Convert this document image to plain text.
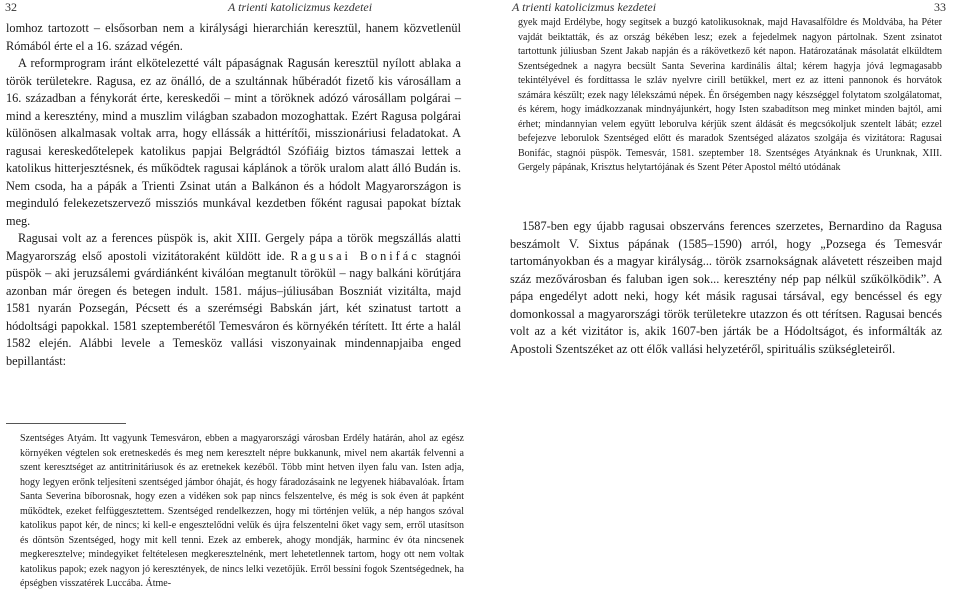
32	A trienti katolicizmus kezdetei

lomhoz tartozott – elsősorban nem a királysági hierarchián keresztül, hanem közvetlenül Rómából érte el a 16. század végén.

A reformprogram iránt elkötelezetté vált pápaságnak Ragusán keresztül nyílott ablaka a török területekre. Ragusa, ez az önálló, de a szultánnak hűbéradót fizető kis városállam a 16. században a fénykorát érte, kereskedői – mint a töröknek adózó városállam polgárai – mind a keresztény, mind a muszlim világban szabadon mozoghattak. Ezért Ragusa polgárai különösen alkalmasak voltak arra, hogy ellássák a hittérítői, misszionáriusi feladatokat. A ragusai kereskedőtelepek katolikus papjai Belgrádtól Szófiáig biztos támaszai lettek a katolikus hitterjesztésnek, és működtek ragusai káplánok a török uralom alatt álló Budán is. Nem csoda, ha a pápák a Trienti Zsinat után a Balkánon és a hódolt Magyarországon is meginduló felekezetszervező missziós munkával kezdetben főként ragusai papokat bíztak meg.

Ragusai volt az a ferences püspök is, akit XIII. Gergely pápa a török megszállás alatti Magyarország első apostoli vizitátoraként küldött ide. Ragusai Bonifác stagnói püspök – aki jeruzsálemi gvárdiánként kiválóan megtanult törökül – nagy balkáni körútjára azonban már öregen és betegen indult. 1581. május–júliusában Boszniát vizitálta, majd 1581 nyarán Pozsegán, Pécsett és a szerémségi Babskán járt, két szinatust tartott a hódoltsági papokkal. 1581 szeptemberétől Temesváron és környékén térített. Itt érte a halál 1582 elején. Alábbi levele a Temesköz vallási viszonyainak mindennapjaiba enged bepillantást:

Szentséges Atyám. Itt vagyunk Temesváron, ebben a magyarországi városban Erdély határán, ahol az egész környéken végtelen sok eretneskedés és meg nem keresztelt népre bukkanunk, mivel nem akarták felvenni a szent keresztséget az antitrinitáriusok és az eretnekek kezéből. Több mint hetven ilyen falu van. Isten adja, hogy legyen erőnk teljesíteni szentséged jámbor óhaját, és hogy fáradozásaink ne legyenek hiábavalóak. Írtam Santa Severina bíborosnak, hogy ezen a vidéken sok pap nincs felszentelve, és még is sok éven át papként működtek, ezeket felfüggesztettem. Szentséged rendelkezzen, hogy mi történjen velük, a nép hangos szóval katolikus papot kér, de nincs; ki kell-e engesztelődni velük és újra felszentelni őket vagy sem, erről utasítson és döntsön Szentséged, hogy mit kell tenni. Ezek az emberek, ahogy mondják, harminc év óta nincsenek megkeresztelve; mindegyiket feltételesen megkeresztelnénk, mert lehetetlennek tartom, hogy ott nem voltak katolikus papok; ezek nagyon jó keresztények, de nincs lelki vezetőjük. Erről bessíni fogok Szentségednek, ha épségben visszatérek Luccába. Átme-

A trienti katolicizmus kezdetei	33

gyek majd Erdélybe, hogy segítsek a buzgó katolikusoknak, majd Havasalföldre és Moldvába, ha Péter vajdát beiktatták, és az ország békében lesz; ezek a fejedelmek nagyon pártolnak. Szent zsinatot tartottunk júliusban Szent Jakab napján és a rákövetkező két napon. Határozatának másolatát elküldtem Szentségednek a nagyra becsült Santa Severina kardinális által; kérem hagyja jóvá legmagasabb tekintélyével és fordíttassa le szláv nyelvre cirill betűkkel, mert ez az itteni pannonok és horvátok számára készült; ezek nagy lélekszámú népek. Én őrségemben nagy készséggel folytatom szolgálatomat, és kérem, hogy imádkozzanak mindnyájunkért, hogy Isten szabadítson meg minket minden bajtól, ami érhet; mindannyian velem együtt leborulva kérjük szent áldását és megcsókoljuk szentelt lábát; ezzel befejezve leborulok Szentséged előtt és maradok Szentséged alázatos szolgája és vizitátora: Ragusai Bonifác, stagnói püspök. Temesvár, 1581. szeptember 18. Szentséges Atyánknak és Urunknak, XIII. Gergely pápának, Krisztus helytartójának és Szent Péter Apostol méltó utódának

1587-ben egy újabb ragusai obszerváns ferences szerzetes, Bernardino da Ragusa beszámolt V. Sixtus pápának (1585–1590) arról, hogy „Pozsega és Temesvár tartományokban és a magyar királyság... török zsarnokságnak alávetett részeiben majd száz mezővárosban és faluban igen sok... keresztény nép pap nélkül szűkölködik”. A pápa engedélyt adott neki, hogy két másik ragusai társával, egy bencéssel és egy domonkossal a magyarországi török területekre utazzon és ott térítsen. Ragusai bencés volt az a két vizitátor is, akik 1607-ben járták be a Hódoltságot, és informálták az Apostoli Szentszéket az ott élők vallási helyzetéről, spirituális szükségleteiről.
